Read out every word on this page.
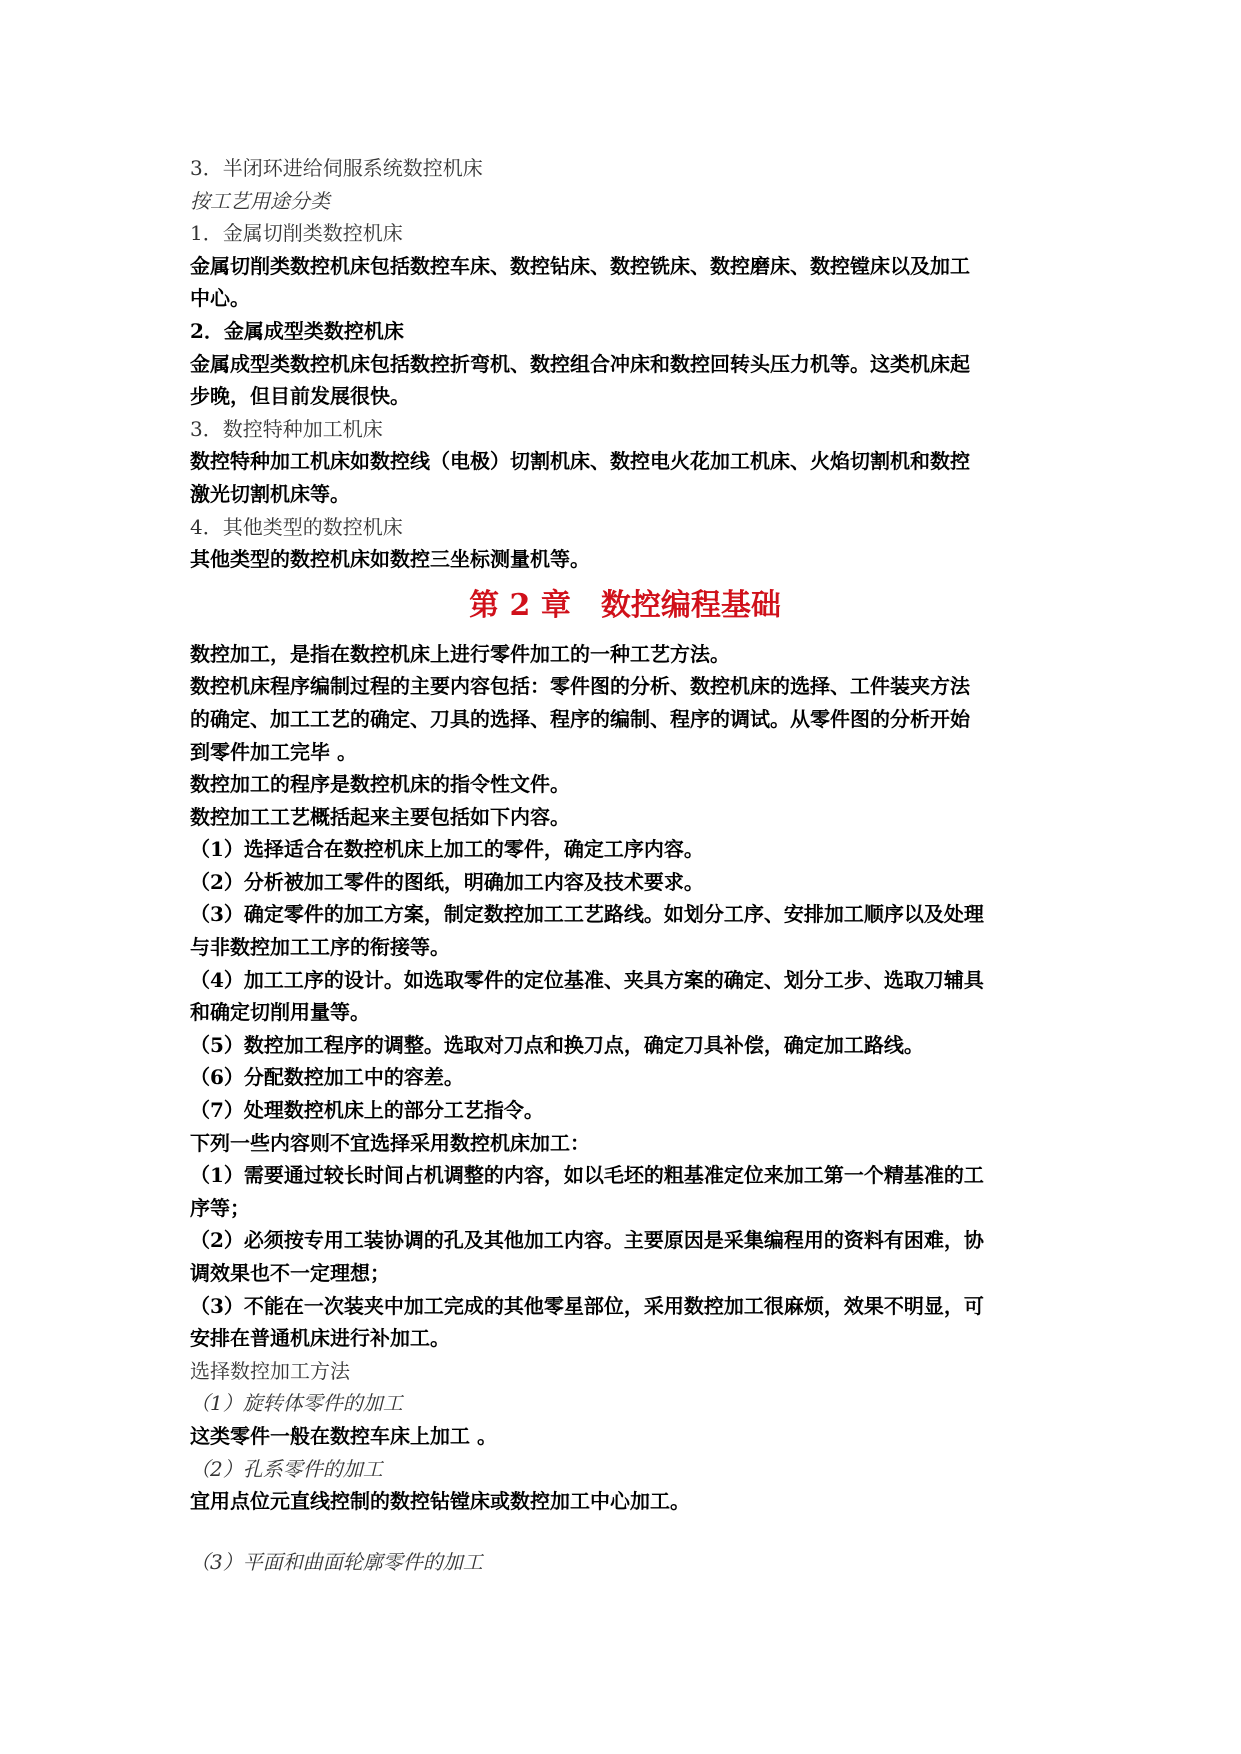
3．半闭环进给伺服系统数控机床

按工艺用途分类

1．金属切削类数控机床

金属切削类数控机床包括数控车床、数控钻床、数控铣床、数控磨床、数控镗床以及加工

中心。

2．金属成型类数控机床

金属成型类数控机床包括数控折弯机、数控组合冲床和数控回转头压力机等。这类机床起

步晚，但目前发展很快。

3．数控特种加工机床

数控特种加工机床如数控线（电极）切割机床、数控电火花加工机床、火焰切割机和数控

激光切割机床等。

4．其他类型的数控机床

其他类型的数控机床如数控三坐标测量机等。

第 2 章　数控编程基础

数控加工，是指在数控机床上进行零件加工的一种工艺方法。

数控机床程序编制过程的主要内容包括：零件图的分析、数控机床的选择、工件装夹方法

的确定、加工工艺的确定、刀具的选择、程序的编制、程序的调试。从零件图的分析开始

到零件加工完毕 。

数控加工的程序是数控机床的指令性文件。

数控加工工艺概括起来主要包括如下内容。

（1）选择适合在数控机床上加工的零件，确定工序内容。

（2）分析被加工零件的图纸，明确加工内容及技术要求。

（3）确定零件的加工方案，制定数控加工工艺路线。如划分工序、安排加工顺序以及处理

与非数控加工工序的衔接等。

（4）加工工序的设计。如选取零件的定位基准、夹具方案的确定、划分工步、选取刀辅具

和确定切削用量等。

（5）数控加工程序的调整。选取对刀点和换刀点，确定刀具补偿，确定加工路线。

（6）分配数控加工中的容差。

（7）处理数控机床上的部分工艺指令。

下列一些内容则不宜选择采用数控机床加工：

（1）需要通过较长时间占机调整的内容，如以毛坯的粗基准定位来加工第一个精基准的工

序等；

（2）必须按专用工装协调的孔及其他加工内容。主要原因是采集编程用的资料有困难，协

调效果也不一定理想；

（3）不能在一次装夹中加工完成的其他零星部位，采用数控加工很麻烦，效果不明显，可

安排在普通机床进行补加工。

选择数控加工方法

（1）旋转体零件的加工

这类零件一般在数控车床上加工 。

（2）孔系零件的加工

宜用点位元直线控制的数控钻镗床或数控加工中心加工。

（3）平面和曲面轮廓零件的加工
